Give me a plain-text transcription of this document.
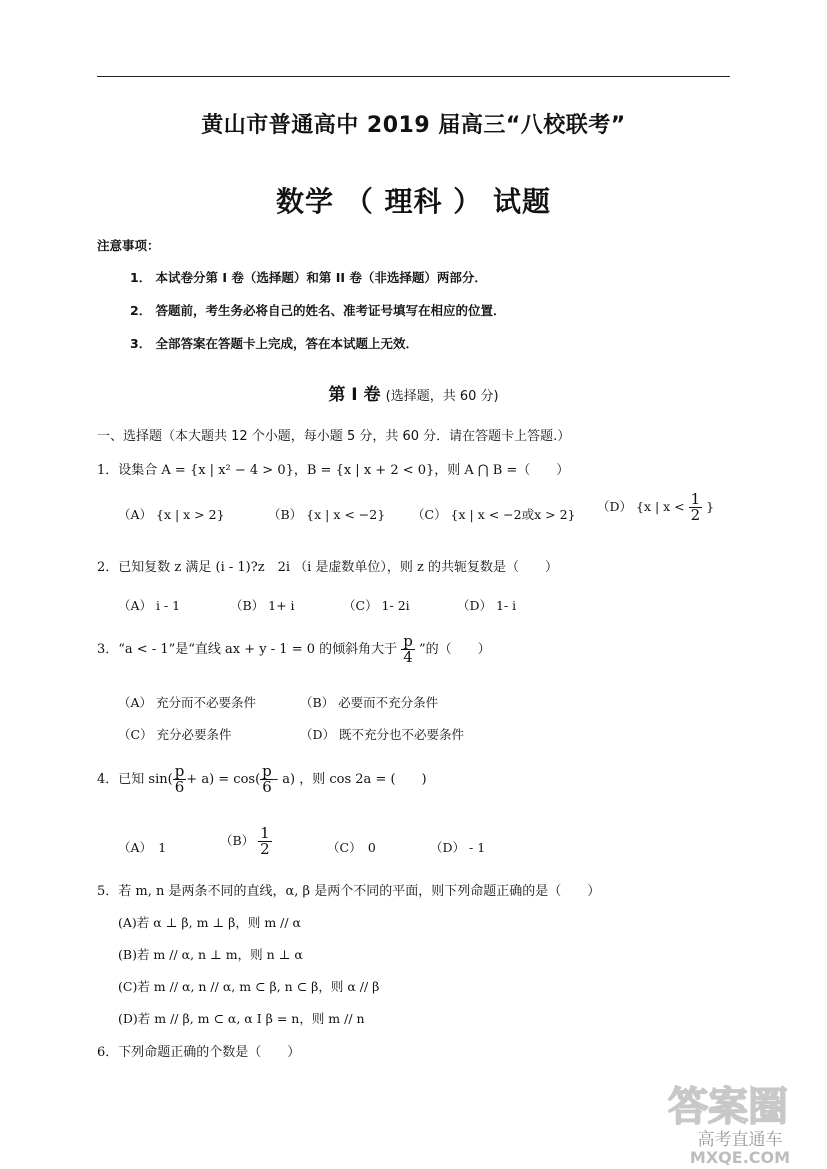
黄山市普通高中 2019 届高三“八校联考”
数学 （ 理科 ） 试题
注意事项：
1． 本试卷分第 I 卷（选择题）和第 II 卷（非选择题）两部分．
2． 答题前，考生务必将自己的姓名、准考证号填写在相应的位置．
3． 全部答案在答题卡上完成，答在本试题上无效．
第 I 卷 (选择题，共 60 分)
一、选择题（本大题共 12 个小题，每小题 5 分，共 60 分．请在答题卡上答题.）
1．设集合 A = {x | x² − 4 > 0}，B = {x | x + 2 < 0}，则 A ⋂ B =（　　）
（A） {x | x > 2}	（B） {x | x < −2} （C） {x | x < −2或x > 2}
（D） {x | $x < \frac{1}{2}$ }
2．已知复数 z 满足 (i - 1)?z　2i （i 是虚数单位），则 z 的共轭复数是（　　）
（A） i - 1	（B） 1+ i	（C） 1- 2i	（D） 1- i
3．“a < - 1”是“直线 ax + y - 1 = 0 的倾斜角大于 $\frac{p}{4}$ ”的（　　）
（A） 充分而不必要条件	（B） 必要而不充分条件
（C） 充分必要条件	（D） 既不充分也不必要条件
4．已知 $\sin( \frac{p}{6} + a) = \cos( \frac{p}{6} - a)$ ，则 cos 2a = (　　)
（A）　1	$(B) \frac{1}{2}$	（C）　0	（D） - 1
5．若 m, n 是两条不同的直线，α, β 是两个不同的平面，则下列命题正确的是（　　）
(A)若 α ⊥ β, m ⊥ β，则 m // α
(B)若 m // α, n ⊥ m，则 n ⊥ α
(C)若 m // α, n // α, m ⊂ β, n ⊂ β，则 α // β
(D)若 m // β, m ⊂ α, α I β = n，则 m // n
6．下列命题正确的个数是（　　）
答案圈
高考直通车
MXQE.COM
